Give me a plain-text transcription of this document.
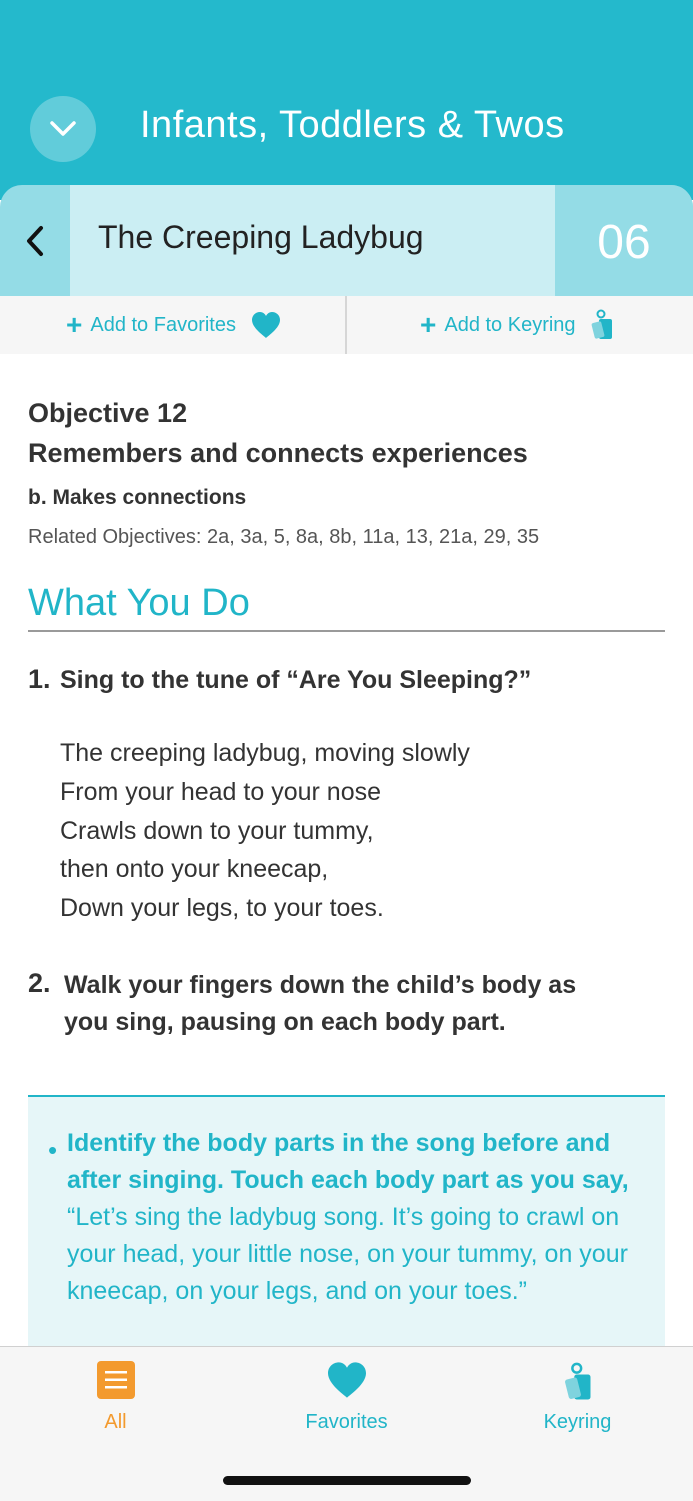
Infants, Toddlers & Twos
The Creeping Ladybug	06
+ Add to Favorites	+ Add to Keyring
Objective 12
Remembers and connects experiences
b. Makes connections
Related Objectives: 2a, 3a, 5, 8a, 8b, 11a, 13, 21a, 29, 35
What You Do
1. Sing to the tune of “Are You Sleeping?”
The creeping ladybug, moving slowly
From your head to your nose
Crawls down to your tummy,
then onto your kneecap,
Down your legs, to your toes.
2. Walk your fingers down the child’s body as
you sing, pausing on each body part.
• Identify the body parts in the song before and after singing. Touch each body part as you say, “Let’s sing the ladybug song. It’s going to crawl on your head, your little nose, on your tummy, on your kneecap, on your legs, and on your toes.”
All	Favorites	Keyring
